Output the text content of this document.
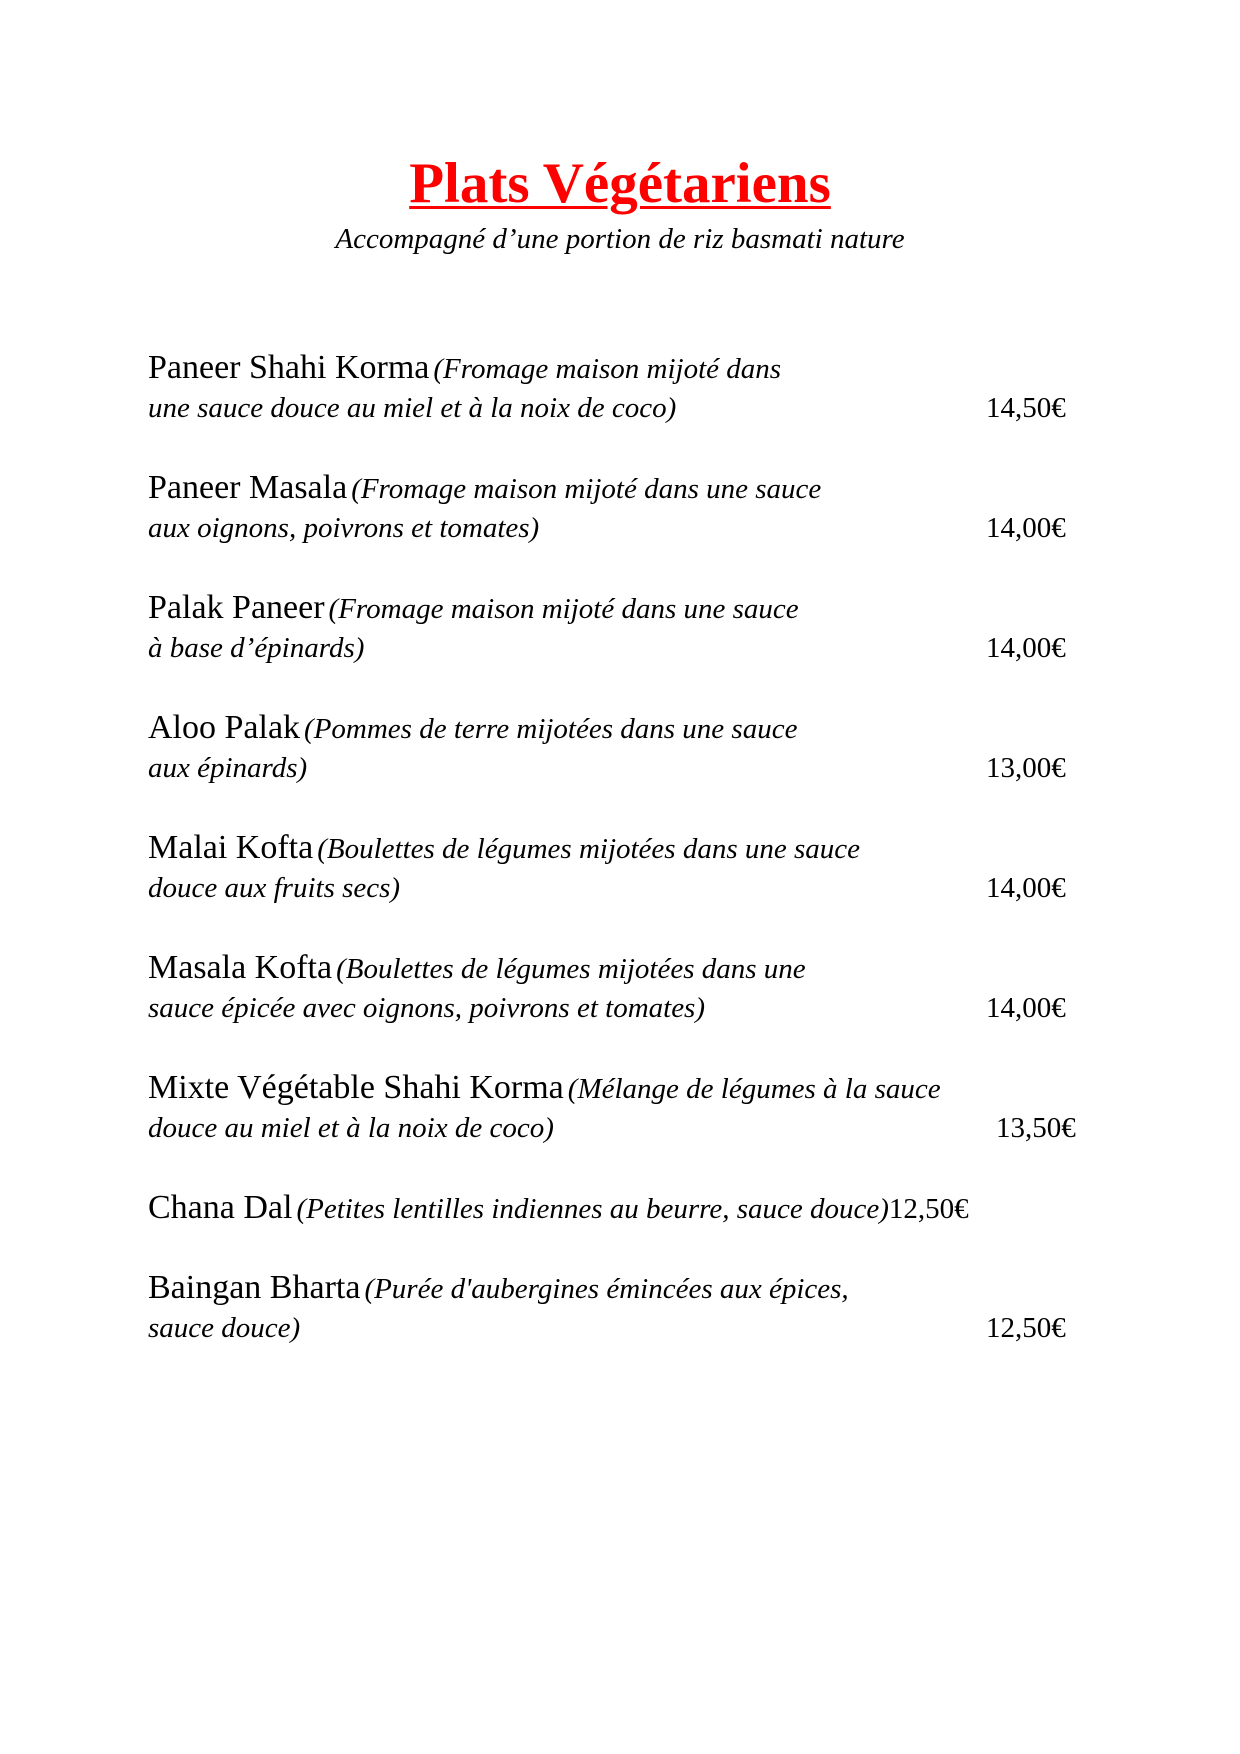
Plats Végétariens

Accompagné d’une portion de riz basmati nature

Paneer Shahi Korma (Fromage maison mijoté dans
une sauce douce au miel et à la noix de coco)	14,50€
Paneer Masala (Fromage maison mijoté dans une sauce
aux oignons, poivrons et tomates)	14,00€
Palak Paneer (Fromage maison mijoté dans une sauce
à base d’épinards)	14,00€
Aloo Palak (Pommes de terre mijotées dans une sauce
aux épinards)	13,00€
Malai Kofta (Boulettes de légumes mijotées dans une sauce
douce aux fruits secs)	14,00€
Masala Kofta (Boulettes de légumes mijotées dans une
sauce épicée avec oignons, poivrons et tomates)	14,00€
Mixte Végétable Shahi Korma (Mélange de légumes à la sauce
douce au miel et à la noix de coco)	13,50€
Chana Dal (Petites lentilles indiennes au beurre, sauce douce)12,50€
Baingan Bharta (Purée d'aubergines émincées aux épices,
sauce douce)	12,50€
